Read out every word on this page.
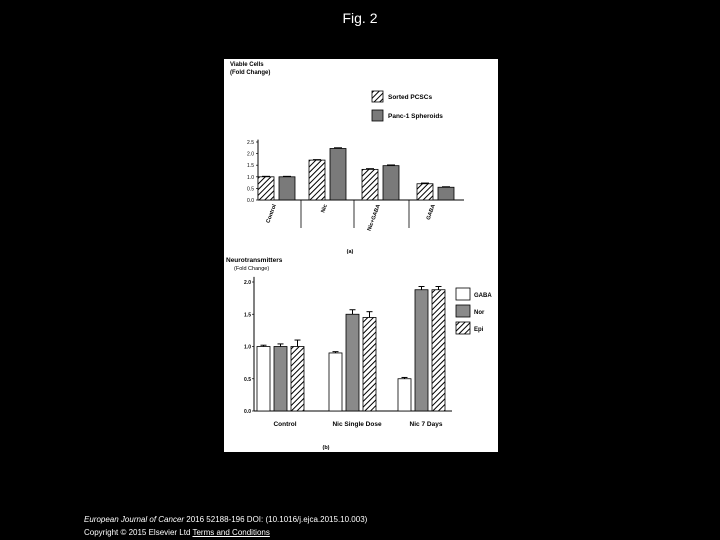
Fig. 2
Viable Cells
(Fold Change)
0.0
0.5
1.0
1.5
2.0
2.5
Control	Nic	Nic+GABA	GABA
Sorted PCSCs
Panc-1 Spheroids
(a)
Neurotransmitters
(Fold Change)
0.0
0.5
1.0
1.5
2.0
Control	Nic Single Dose	Nic 7 Days
GABA
Nor
Epi
(b)
European Journal of Cancer 2016 52188-196 DOI: (10.1016/j.ejca.2015.10.003)
Copyright © 2015 Elsevier Ltd Terms and Conditions
